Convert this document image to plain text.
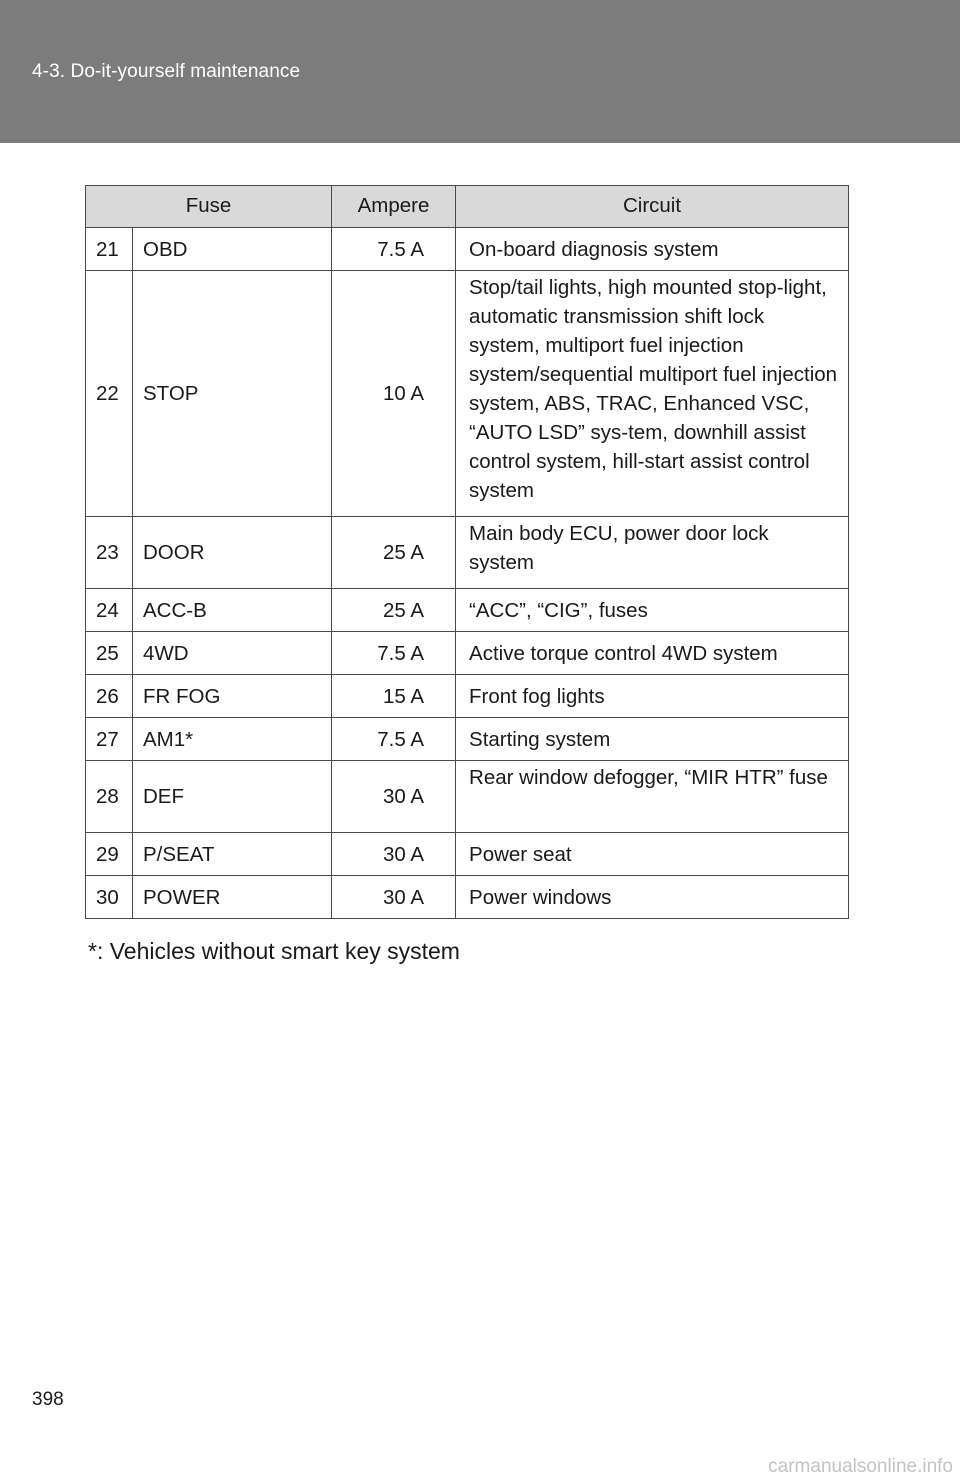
4-3. Do-it-yourself maintenance
Fuse		Ampere	Circuit
21	OBD	7.5 A	On-board diagnosis system
22	STOP	10 A	Stop/tail lights, high mounted stop-light, automatic transmission shift lock system, multiport fuel injection system/sequential multiport fuel injection system, ABS, TRAC, Enhanced VSC, “AUTO LSD” sys-tem, downhill assist control system, hill-start assist control system
23	DOOR	25 A	Main body ECU, power door lock system
24	ACC-B	25 A	“ACC”, “CIG”, fuses
25	4WD	7.5 A	Active torque control 4WD system
26	FR FOG	15 A	Front fog lights
27	AM1*	7.5 A	Starting system
28	DEF	30 A	Rear window defogger, “MIR HTR” fuse
29	P/SEAT	30 A	Power seat
30	POWER	30 A	Power windows
*: Vehicles without smart key system
398
carmanualsonline.info
